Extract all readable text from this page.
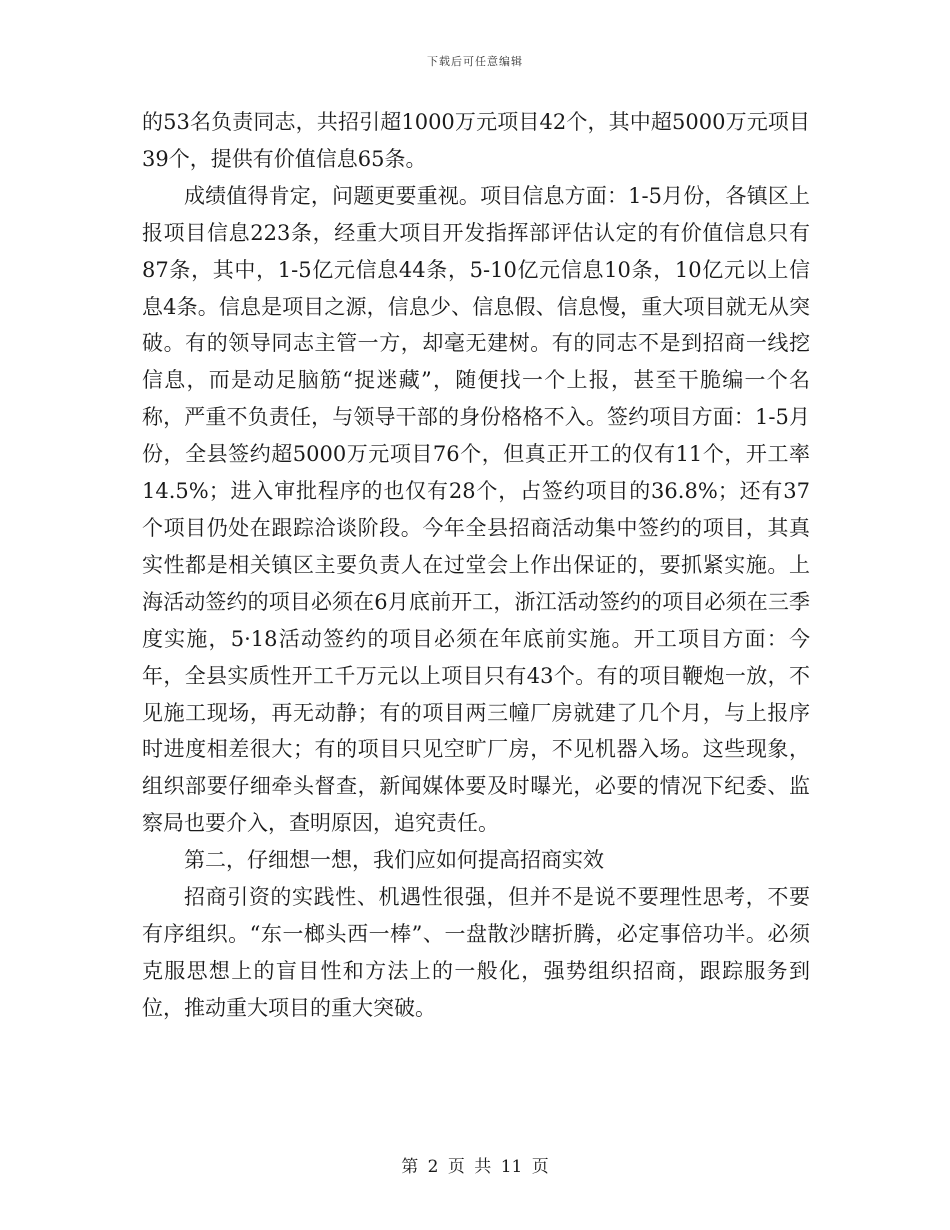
下载后可任意编辑

的53名负责同志，共招引超1000万元项目42个，其中超5000万元项目39个，提供有价值信息65条。

成绩值得肯定，问题更要重视。项目信息方面：1-5月份，各镇区上报项目信息223条，经重大项目开发指挥部评估认定的有价值信息只有87条，其中，1-5亿元信息44条，5-10亿元信息10条，10亿元以上信息4条。信息是项目之源，信息少、信息假、信息慢，重大项目就无从突破。有的领导同志主管一方，却毫无建树。有的同志不是到招商一线挖信息，而是动足脑筋“捉迷藏”，随便找一个上报，甚至干脆编一个名称，严重不负责任，与领导干部的身份格格不入。签约项目方面：1-5月份，全县签约超5000万元项目76个，但真正开工的仅有11个，开工率14.5%；进入审批程序的也仅有28个，占签约项目的36.8%；还有37个项目仍处在跟踪洽谈阶段。今年全县招商活动集中签约的项目，其真实性都是相关镇区主要负责人在过堂会上作出保证的，要抓紧实施。上海活动签约的项目必须在6月底前开工，浙江活动签约的项目必须在三季度实施，5·18活动签约的项目必须在年底前实施。开工项目方面：今年，全县实质性开工千万元以上项目只有43个。有的项目鞭炮一放，不见施工现场，再无动静；有的项目两三幢厂房就建了几个月，与上报序时进度相差很大；有的项目只见空旷厂房，不见机器入场。这些现象，组织部要仔细牵头督查，新闻媒体要及时曝光，必要的情况下纪委、监察局也要介入，查明原因，追究责任。

第二，仔细想一想，我们应如何提高招商实效

招商引资的实践性、机遇性很强，但并不是说不要理性思考，不要有序组织。“东一榔头西一棒”、一盘散沙瞎折腾，必定事倍功半。必须克服思想上的盲目性和方法上的一般化，强势组织招商，跟踪服务到位，推动重大项目的重大突破。

第 2 页 共 11 页
